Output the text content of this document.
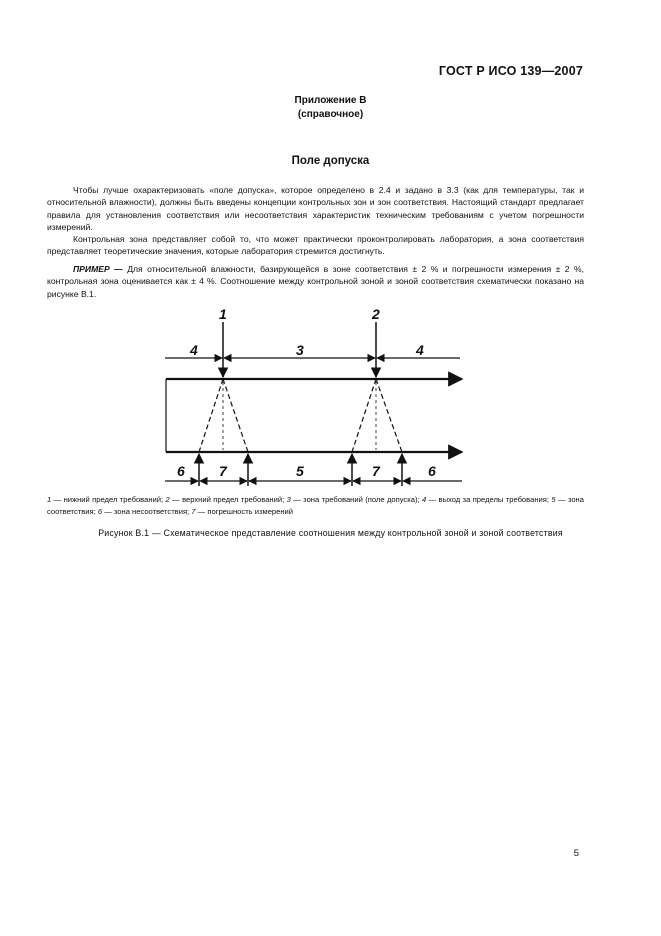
ГОСТ Р ИСО 139—2007
Приложение В
(справочное)
Поле допуска
Чтобы лучше охарактеризовать «поле допуска», которое определено в 2.4 и задано в 3.3 (как для температуры, так и относительной влажности), должны быть введены концепции контрольных зон и зон соответствия. Настоящий стандарт предлагает правила для установления соответствия или несоответствия характеристик техническим требованиям с учетом погрешности измерений.
Контрольная зона представляет собой то, что может практически проконтролировать лаборатория, а зона соответствия представляет теоретические значения, которые лаборатория стремится достигнуть.
ПРИМЕР — Для относительной влажности, базирующейся в зоне соответствия ± 2 % и погрешности измерения ± 2 %, контрольная зона оценивается как ± 4 %. Соотношение между контрольной зоной и зоной соответствия схематически показано на рисунке В.1.
1	2
4	3	4
6 7	5	7	6
1 — нижний предел требований; 2 — верхний предел требований; 3 — зона требований (поле допуска); 4 — выход за пределы требования; 5 — зона соответствия; 6 — зона несоответствия; 7 — погрешность измерений
Рисунок В.1 — Схематическое представление соотношения между контрольной зоной и зоной соответствия
5
